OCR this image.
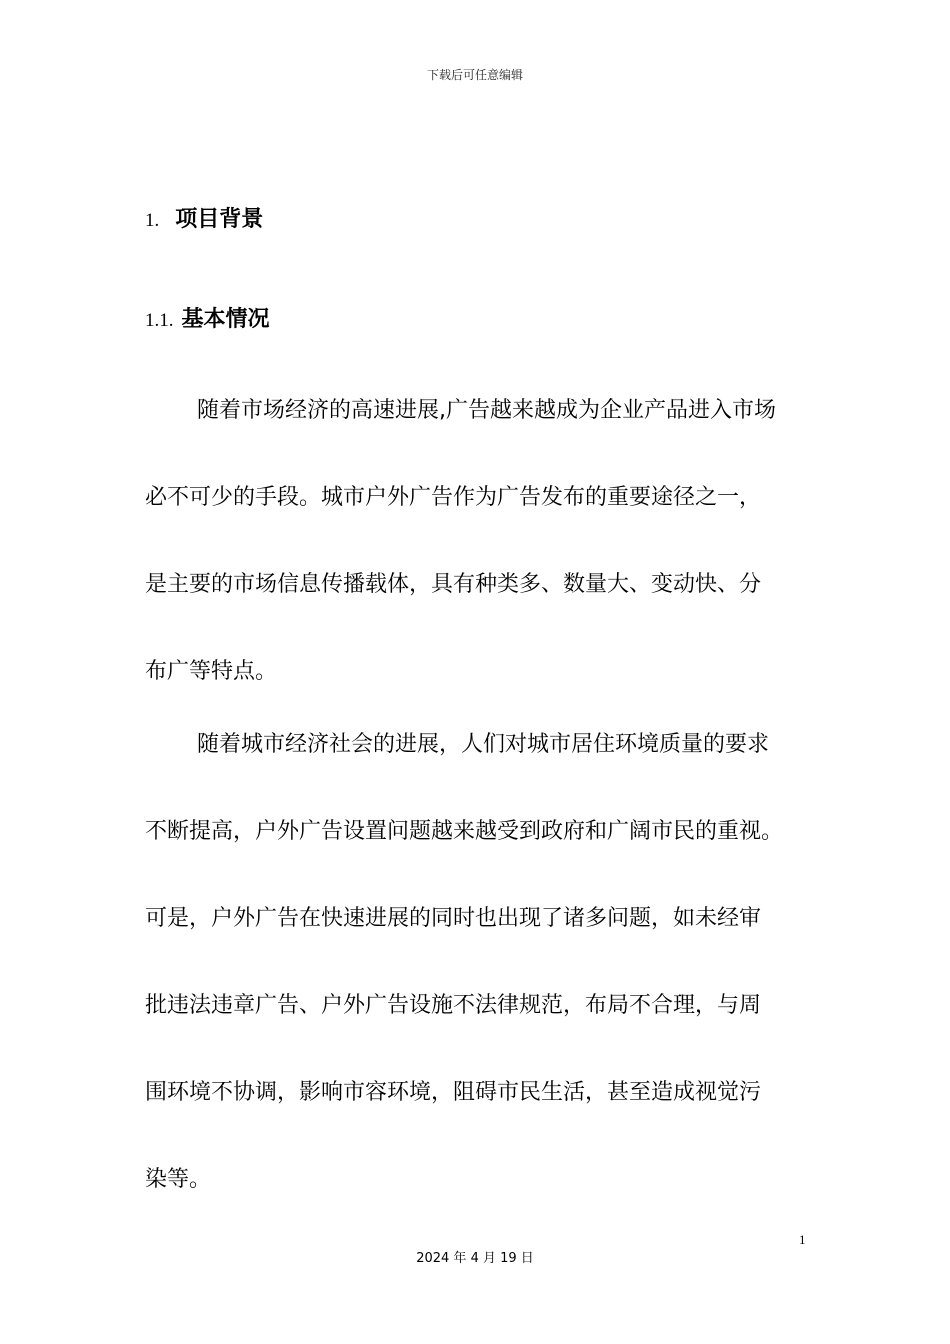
下载后可任意编辑
1. 项目背景
1.1. 基本情况
随着市场经济的高速进展,广告越来越成为企业产品进入市场
必不可少的手段。城市户外广告作为广告发布的重要途径之一，
是主要的市场信息传播载体，具有种类多、数量大、变动快、分
布广等特点。
随着城市经济社会的进展，人们对城市居住环境质量的要求
不断提高，户外广告设置问题越来越受到政府和广阔市民的重视。
可是，户外广告在快速进展的同时也出现了诸多问题，如未经审
批违法违章广告、户外广告设施不法律规范，布局不合理，与周
围环境不协调，影响市容环境，阻碍市民生活，甚至造成视觉污
染等。
1
2024 年 4 月 19 日
